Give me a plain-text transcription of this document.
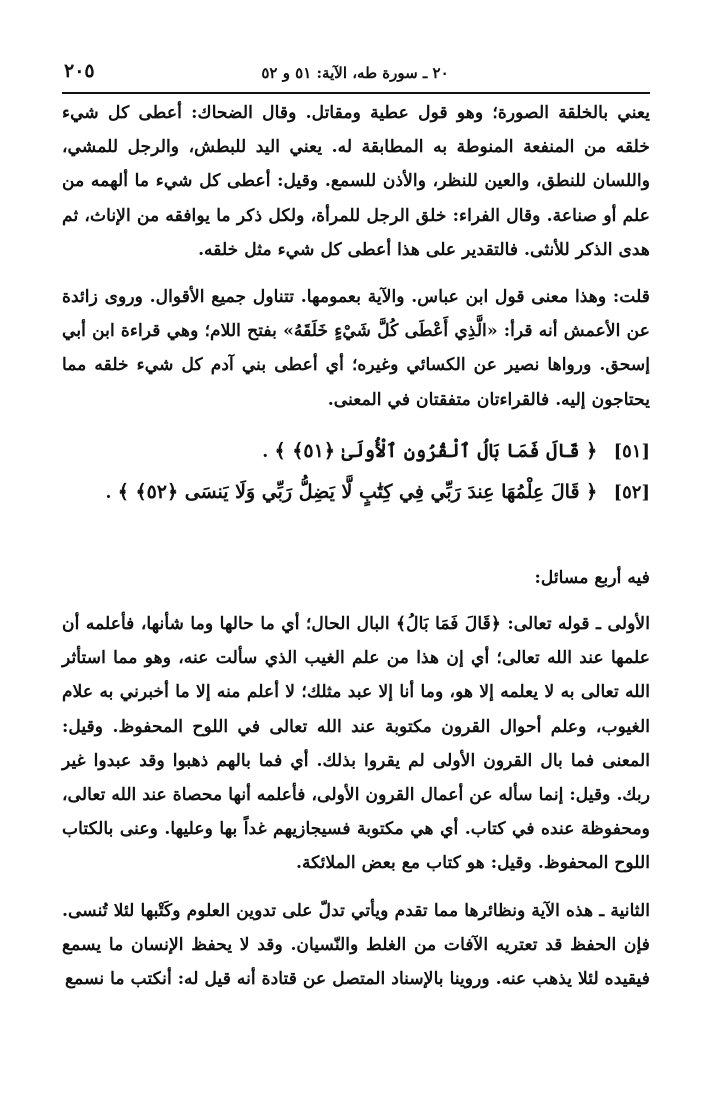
٢٠ ـ سورة طه، الآية: ٥١ و ٥٢
٢٠٥

يعني بالخلقة الصورة؛ وهو قول عطية ومقاتل. وقال الضحاك: أعطى كل شيء خلقه من المنفعة المنوطة به المطابقة له. يعني اليد للبطش، والرجل للمشي، واللسان للنطق، والعين للنظر، والأذن للسمع. وقيل: أعطى كل شيء ما ألهمه من علم أو صناعة. وقال الفراء: خلق الرجل للمرأة، ولكل ذكر ما يوافقه من الإناث، ثم هدى الذكر للأنثى. فالتقدير على هذا أعطى كل شيء مثل خلقه.

قلت: وهذا معنى قول ابن عباس. والآية بعمومها. تتناول جميع الأقوال. وروى زائدة عن الأعمش أنه قرأ: «الَّذِي أَعْطَى كُلَّ شَيْءٍ خَلَقَهُ» بفتح اللام؛ وهي قراءة ابن أبي إسحق. ورواها نصير عن الكسائي وغيره؛ أي أعطى بني آدم كل شيء خلقه مما يحتاجون إليه. فالقراءتان متفقتان في المعنى.

[٥١] ﴿ قَالَ فَمَا بَالُ ٱلْقُرُونِ ٱلْأُولَىٰ ﴿٥١﴾ ﴾ .
[٥٢] ﴿ قَالَ عِلْمُهَا عِندَ رَبِّي فِي كِتَٰبٍ لَّا يَضِلُّ رَبِّي وَلَا يَنسَى ﴿٥٢﴾ ﴾ .

فيه أربع مسائل:

الأولى ـ قوله تعالى: ﴿قَالَ فَمَا بَالُ﴾ البال الحال؛ أي ما حالها وما شأنها، فأعلمه أن علمها عند الله تعالى؛ أي إن هذا من علم الغيب الذي سألت عنه، وهو مما استأثر الله تعالى به لا يعلمه إلا هو، وما أنا إلا عبد مثلك؛ لا أعلم منه إلا ما أخبرني به علام الغيوب، وعلم أحوال القرون مكتوبة عند الله تعالى في اللوح المحفوظ. وقيل: المعنى فما بال القرون الأولى لم يقروا بذلك. أي فما بالهم ذهبوا وقد عبدوا غير ربك. وقيل: إنما سأله عن أعمال القرون الأولى، فأعلمه أنها محصاة عند الله تعالى، ومحفوظة عنده في كتاب. أي هي مكتوبة فسيجازيهم غداً بها وعليها. وعنى بالكتاب اللوح المحفوظ. وقيل: هو كتاب مع بعض الملائكة.

الثانية ـ هذه الآية ونظائرها مما تقدم ويأتي تدلّ على تدوين العلوم وكَتْبها لئلا تُنسى. فإن الحفظ قد تعتريه الآفات من الغلط والنّسيان. وقد لا يحفظ الإنسان ما يسمع فيقيده لئلا يذهب عنه. وروينا بالإسناد المتصل عن قتادة أنه قيل له: أنكتب ما نسمع
